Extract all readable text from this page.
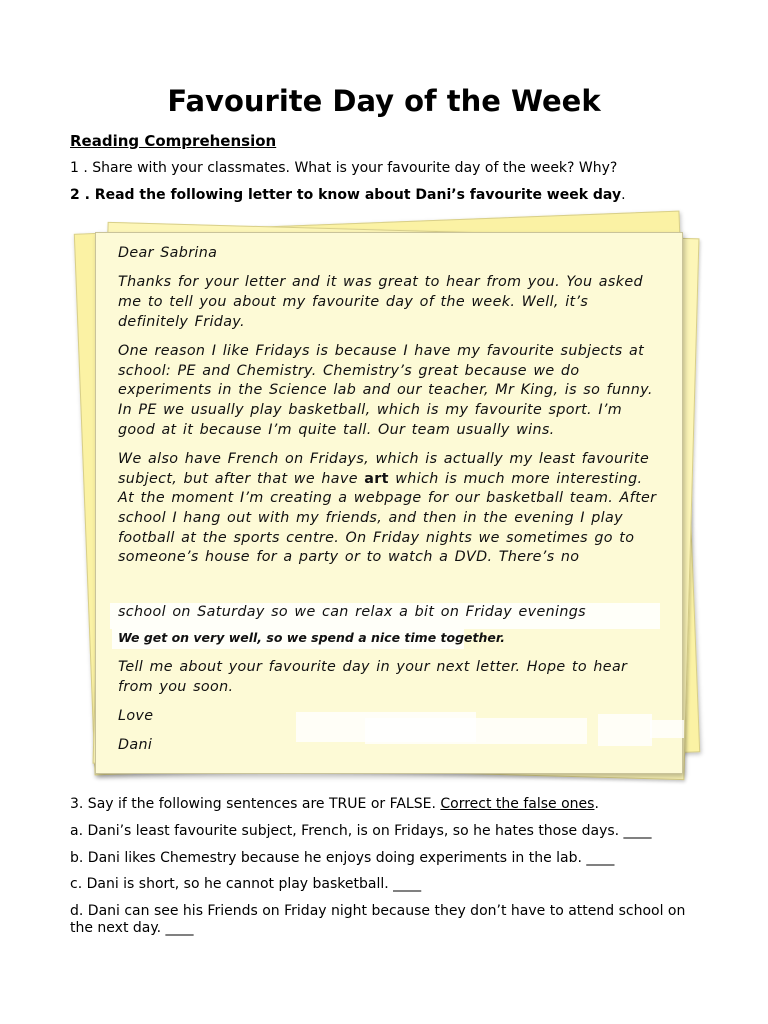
Favourite Day of the Week
Reading Comprehension
1 . Share with your classmates. What is your favourite day of the week? Why?
2 . Read the following letter to know about Dani’s favourite week day.

Dear Sabrina

Thanks for your letter and it was great to hear from you. You asked me to tell you about my favourite day of the week. Well, it’s definitely Friday.

One reason I like Fridays is because I have my favourite subjects at school: PE and Chemistry. Chemistry’s great because we do experiments in the Science lab and our teacher, Mr King, is so funny. In PE we usually play basketball, which is my favourite sport. I’m good at it because I’m quite tall. Our team usually wins.

We also have French on Fridays, which is actually my least favourite subject, but after that we have art which is much more interesting. At the moment I’m creating a webpage for our basketball team. After school I hang out with my friends, and then in the evening I play football at the sports centre. On Friday nights we sometimes go to someone’s house for a party or to watch a DVD. There’s no

school on Saturday so we can relax a bit on Friday evenings
We get on very well, so we spend a nice time together.

Tell me about your favourite day in your next letter. Hope to hear from you soon.

Love

Dani

3. Say if the following sentences are TRUE or FALSE. Correct the false ones.
a. Dani’s least favourite subject, French, is on Fridays, so he hates those days. ____
b. Dani likes Chemestry because he enjoys doing experiments in the lab. ____
c. Dani is short, so he cannot play basketball. ____
d. Dani can see his Friends on Friday night because they don’t have to attend school on the next day. ____
